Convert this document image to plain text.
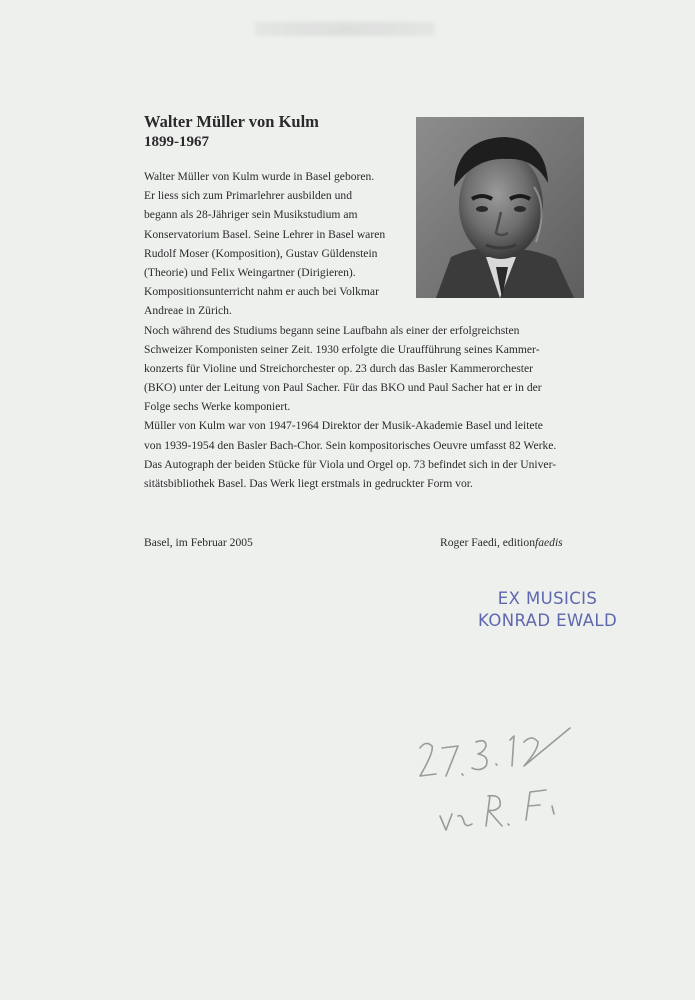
Walter Müller von Kulm
1899-1967
Walter Müller von Kulm wurde in Basel geboren.
Er liess sich zum Primarlehrer ausbilden und
begann als 28-Jähriger sein Musikstudium am
Konservatorium Basel. Seine Lehrer in Basel waren
Rudolf Moser (Komposition), Gustav Güldenstein
(Theorie) und Felix Weingartner (Dirigieren).
Kompositionsunterricht nahm er auch bei Volkmar
Andreae in Zürich.
Noch während des Studiums begann seine Laufbahn als einer der erfolgreichsten
Schweizer Komponisten seiner Zeit. 1930 erfolgte die Uraufführung seines Kammer-
konzerts für Violine und Streichorchester op. 23 durch das Basler Kammerorchester
(BKO) unter der Leitung von Paul Sacher. Für das BKO und Paul Sacher hat er in der
Folge sechs Werke komponiert.
Müller von Kulm war von 1947-1964 Direktor der Musik-Akademie Basel und leitete
von 1939-1954 den Basler Bach-Chor. Sein kompositorisches Oeuvre umfasst 82 Werke.
Das Autograph der beiden Stücke für Viola und Orgel op. 73 befindet sich in der Univer-
sitätsbibliothek Basel. Das Werk liegt erstmals in gedruckter Form vor.
Basel, im Februar 2005	Roger Faedi, editionfaedis
EX MUSICIS
KONRAD EWALD
